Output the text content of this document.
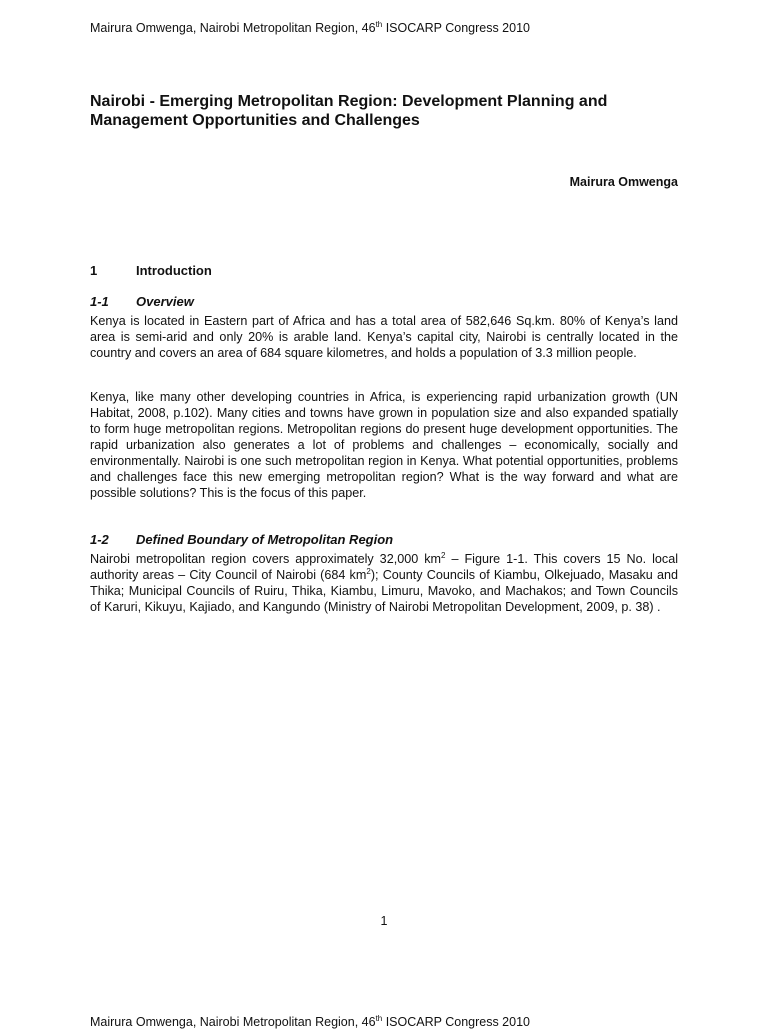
Mairura Omwenga, Nairobi Metropolitan Region, 46th ISOCARP Congress 2010
Nairobi - Emerging Metropolitan Region: Development Planning and Management Opportunities and Challenges
Mairura Omwenga
1	Introduction
1-1 Overview
Kenya is located in Eastern part of Africa and has a total area of 582,646 Sq.km. 80% of Kenya’s land area is semi-arid and only 20% is arable land. Kenya’s capital city, Nairobi is centrally located in the country and covers an area of 684 square kilometres, and holds a population of 3.3 million people.
Kenya, like many other developing countries in Africa, is experiencing rapid urbanization growth (UN Habitat, 2008, p.102). Many cities and towns have grown in population size and also expanded spatially to form huge metropolitan regions. Metropolitan regions do present huge development opportunities. The rapid urbanization also generates a lot of problems and challenges – economically, socially and environmentally. Nairobi is one such metropolitan region in Kenya. What potential opportunities, problems and challenges face this new emerging metropolitan region? What is the way forward and what are possible solutions? This is the focus of this paper.
1-2 Defined Boundary of Metropolitan Region
Nairobi metropolitan region covers approximately 32,000 $km^2$ – Figure 1-1. This covers 15 No. local authority areas – City Council of Nairobi (684 $km^2$); County Councils of Kiambu, Olkejuado, Masaku and Thika; Municipal Councils of Ruiru, Thika, Kiambu, Limuru, Mavoko, and Machakos; and Town Councils of Karuri, Kikuyu, Kajiado, and Kangundo (Ministry of Nairobi Metropolitan Development, 2009, p. 38) .
1
Mairura Omwenga, Nairobi Metropolitan Region, 46th ISOCARP Congress 2010
